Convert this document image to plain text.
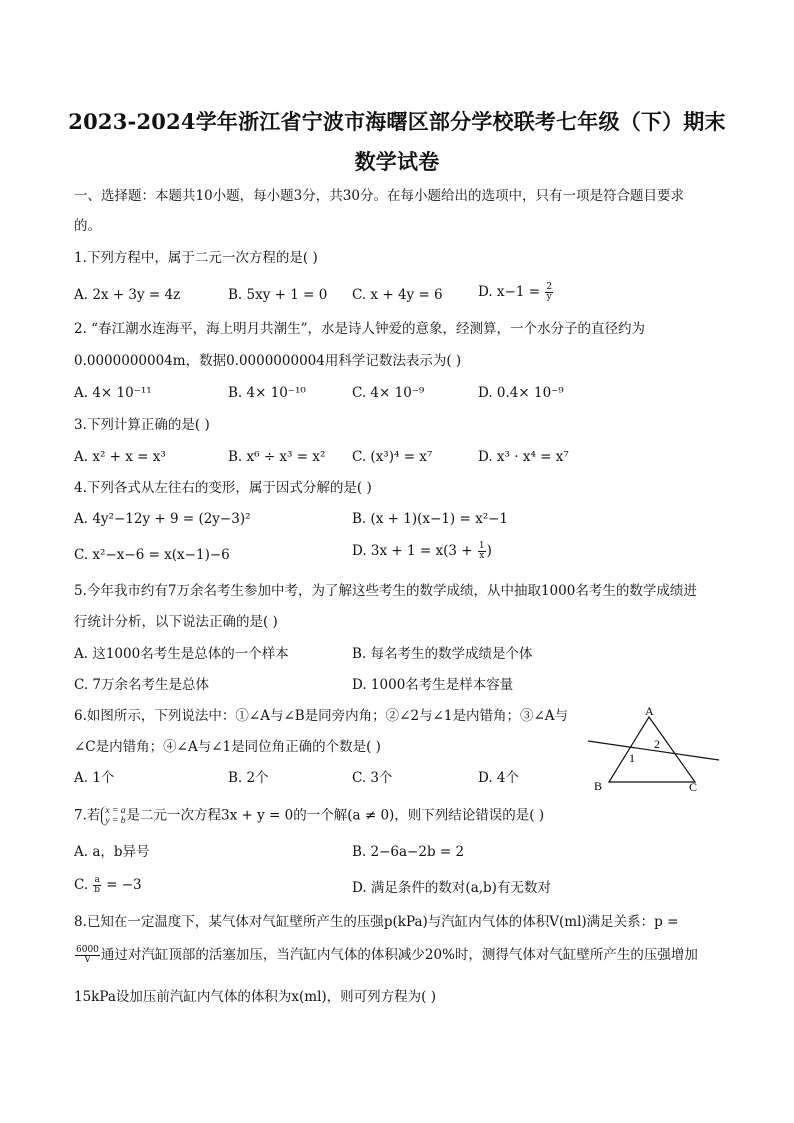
2023-2024学年浙江省宁波市海曙区部分学校联考七年级（下）期末
数学试卷
一、选择题：本题共10小题，每小题3分，共30分。在每小题给出的选项中，只有一项是符合题目要求
的。
1.下列方程中，属于二元一次方程的是( )
A. 2x + 3y = 4z	B. 5xy + 1 = 0 C. x + 4y = 6	D. $x-1 = \frac{2}{y}$
2. “春江潮水连海平，海上明月共潮生”，水是诗人钟爱的意象，经测算，一个水分子的直径约为
0.0000000004m，数据0.0000000004用科学记数法表示为( )
A. 4× 10⁻¹¹	B. 4× 10⁻¹⁰	C. 4× 10⁻⁹	D. 0.4× 10⁻⁹
3.下列计算正确的是( )
A. x² + x = x³	B. x⁶ ÷ x³ = x² C. (x³)⁴ = x⁷	D. x³ · x⁴ = x⁷
4.下列各式从左往右的变形，属于因式分解的是( )
A. 4y²−12y + 9 = (2y−3)²	B. (x + 1)(x−1) = x²−1
C. x²−x−6 = x(x−1)−6	D. $3x + 1 = x(3 + \frac{1}{x}$ )
5.今年我市约有7万余名考生参加中考，为了解这些考生的数学成绩，从中抽取1000名考生的数学成绩进
行统计分析，以下说法正确的是( )
A. 这1000名考生是总体的一个样本	B. 每名考生的数学成绩是个体
C. 7万余名考生是总体	D. 1000名考生是样本容量
6.如图所示，下列说法中：①∠A与∠B是同旁内角；②∠2与∠1是内错角；③∠A与
∠C是内错角；④∠A与∠1是同位角正确的个数是( )
A. 1个	B. 2个	C. 3个	D. 4个
A
B	C
1
2
7.若 x = a
y = b 是二元一次方程3x + y = 0的一个解(a ≠ 0)，则下列结论错误的是( )
A. a，b异号	B. 2−6a−2b = 2
C. $\frac{a}{b} = -3$	D. 满足条件的数对(a,b)有无数对
8.已知在一定温度下，某气体对气缸壁所产生的压强p(kPa)与汽缸内气体的体积V(ml)满足关系：p =
$\frac{6000}{V}$ 通过对汽缸顶部的活塞加压，当汽缸内气体的体积减少20%时，测得气体对气缸壁所产生的压强增加
15kPa设加压前汽缸内气体的体积为x(ml)，则可列方程为( )
